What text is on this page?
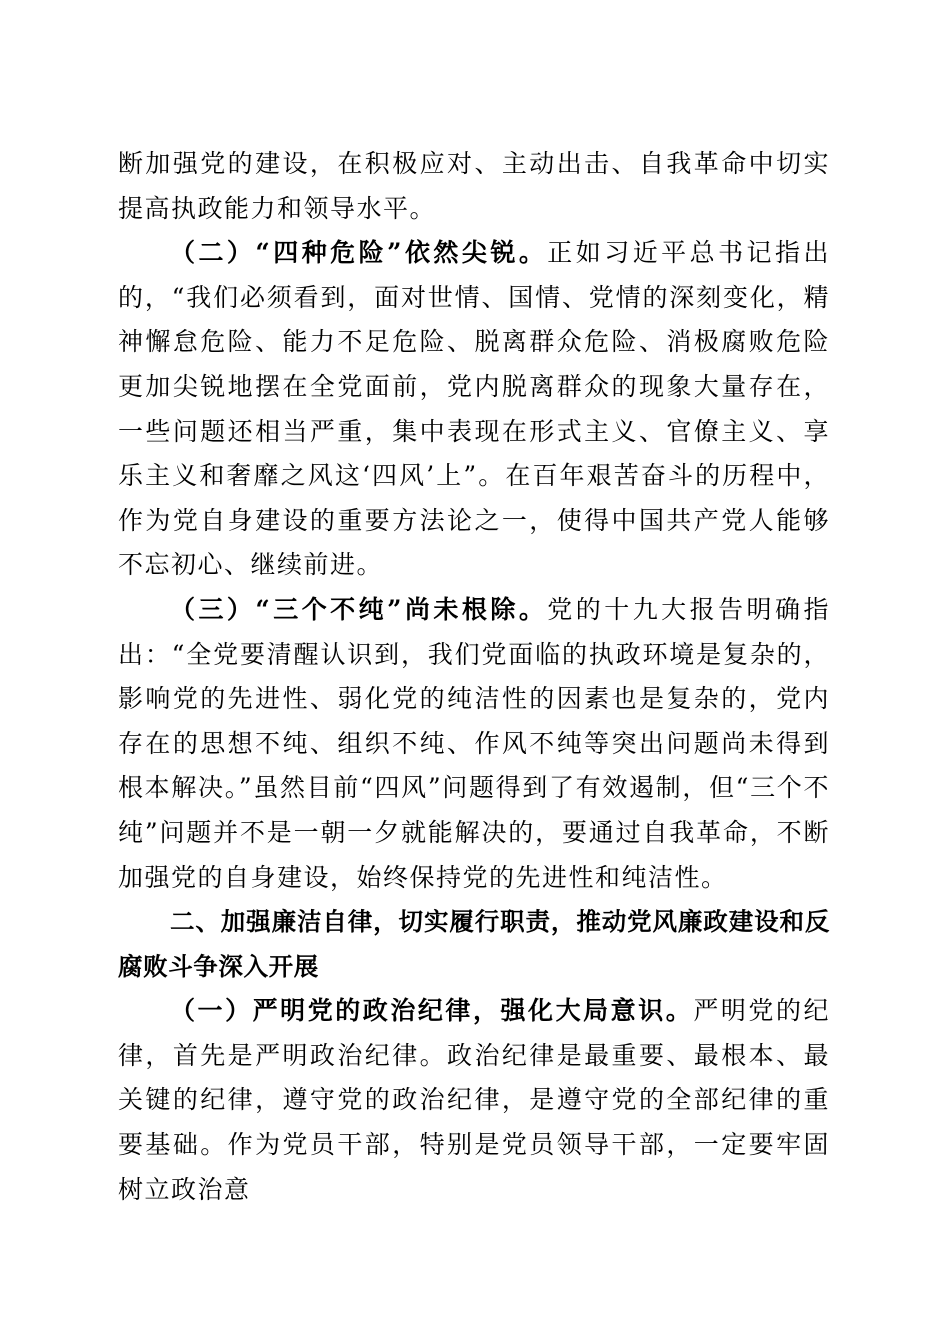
断加强党的建设，在积极应对、主动出击、自我革命中切实提高执政能力和领导水平。

（二）“四种危险”依然尖锐。正如习近平总书记指出的，“我们必须看到，面对世情、国情、党情的深刻变化，精神懈怠危险、能力不足危险、脱离群众危险、消极腐败危险更加尖锐地摆在全党面前，党内脱离群众的现象大量存在，一些问题还相当严重，集中表现在形式主义、官僚主义、享乐主义和奢靡之风这‘四风’上”。在百年艰苦奋斗的历程中，作为党自身建设的重要方法论之一，使得中国共产党人能够不忘初心、继续前进。

（三）“三个不纯”尚未根除。党的十九大报告明确指出：“全党要清醒认识到，我们党面临的执政环境是复杂的，影响党的先进性、弱化党的纯洁性的因素也是复杂的，党内存在的思想不纯、组织不纯、作风不纯等突出问题尚未得到根本解决。”虽然目前“四风”问题得到了有效遏制，但“三个不纯”问题并不是一朝一夕就能解决的，要通过自我革命，不断加强党的自身建设，始终保持党的先进性和纯洁性。

二、加强廉洁自律，切实履行职责，推动党风廉政建设和反腐败斗争深入开展

（一）严明党的政治纪律，强化大局意识。严明党的纪律，首先是严明政治纪律。政治纪律是最重要、最根本、最关键的纪律，遵守党的政治纪律，是遵守党的全部纪律的重要基础。作为党员干部，特别是党员领导干部，一定要牢固树立政治意
